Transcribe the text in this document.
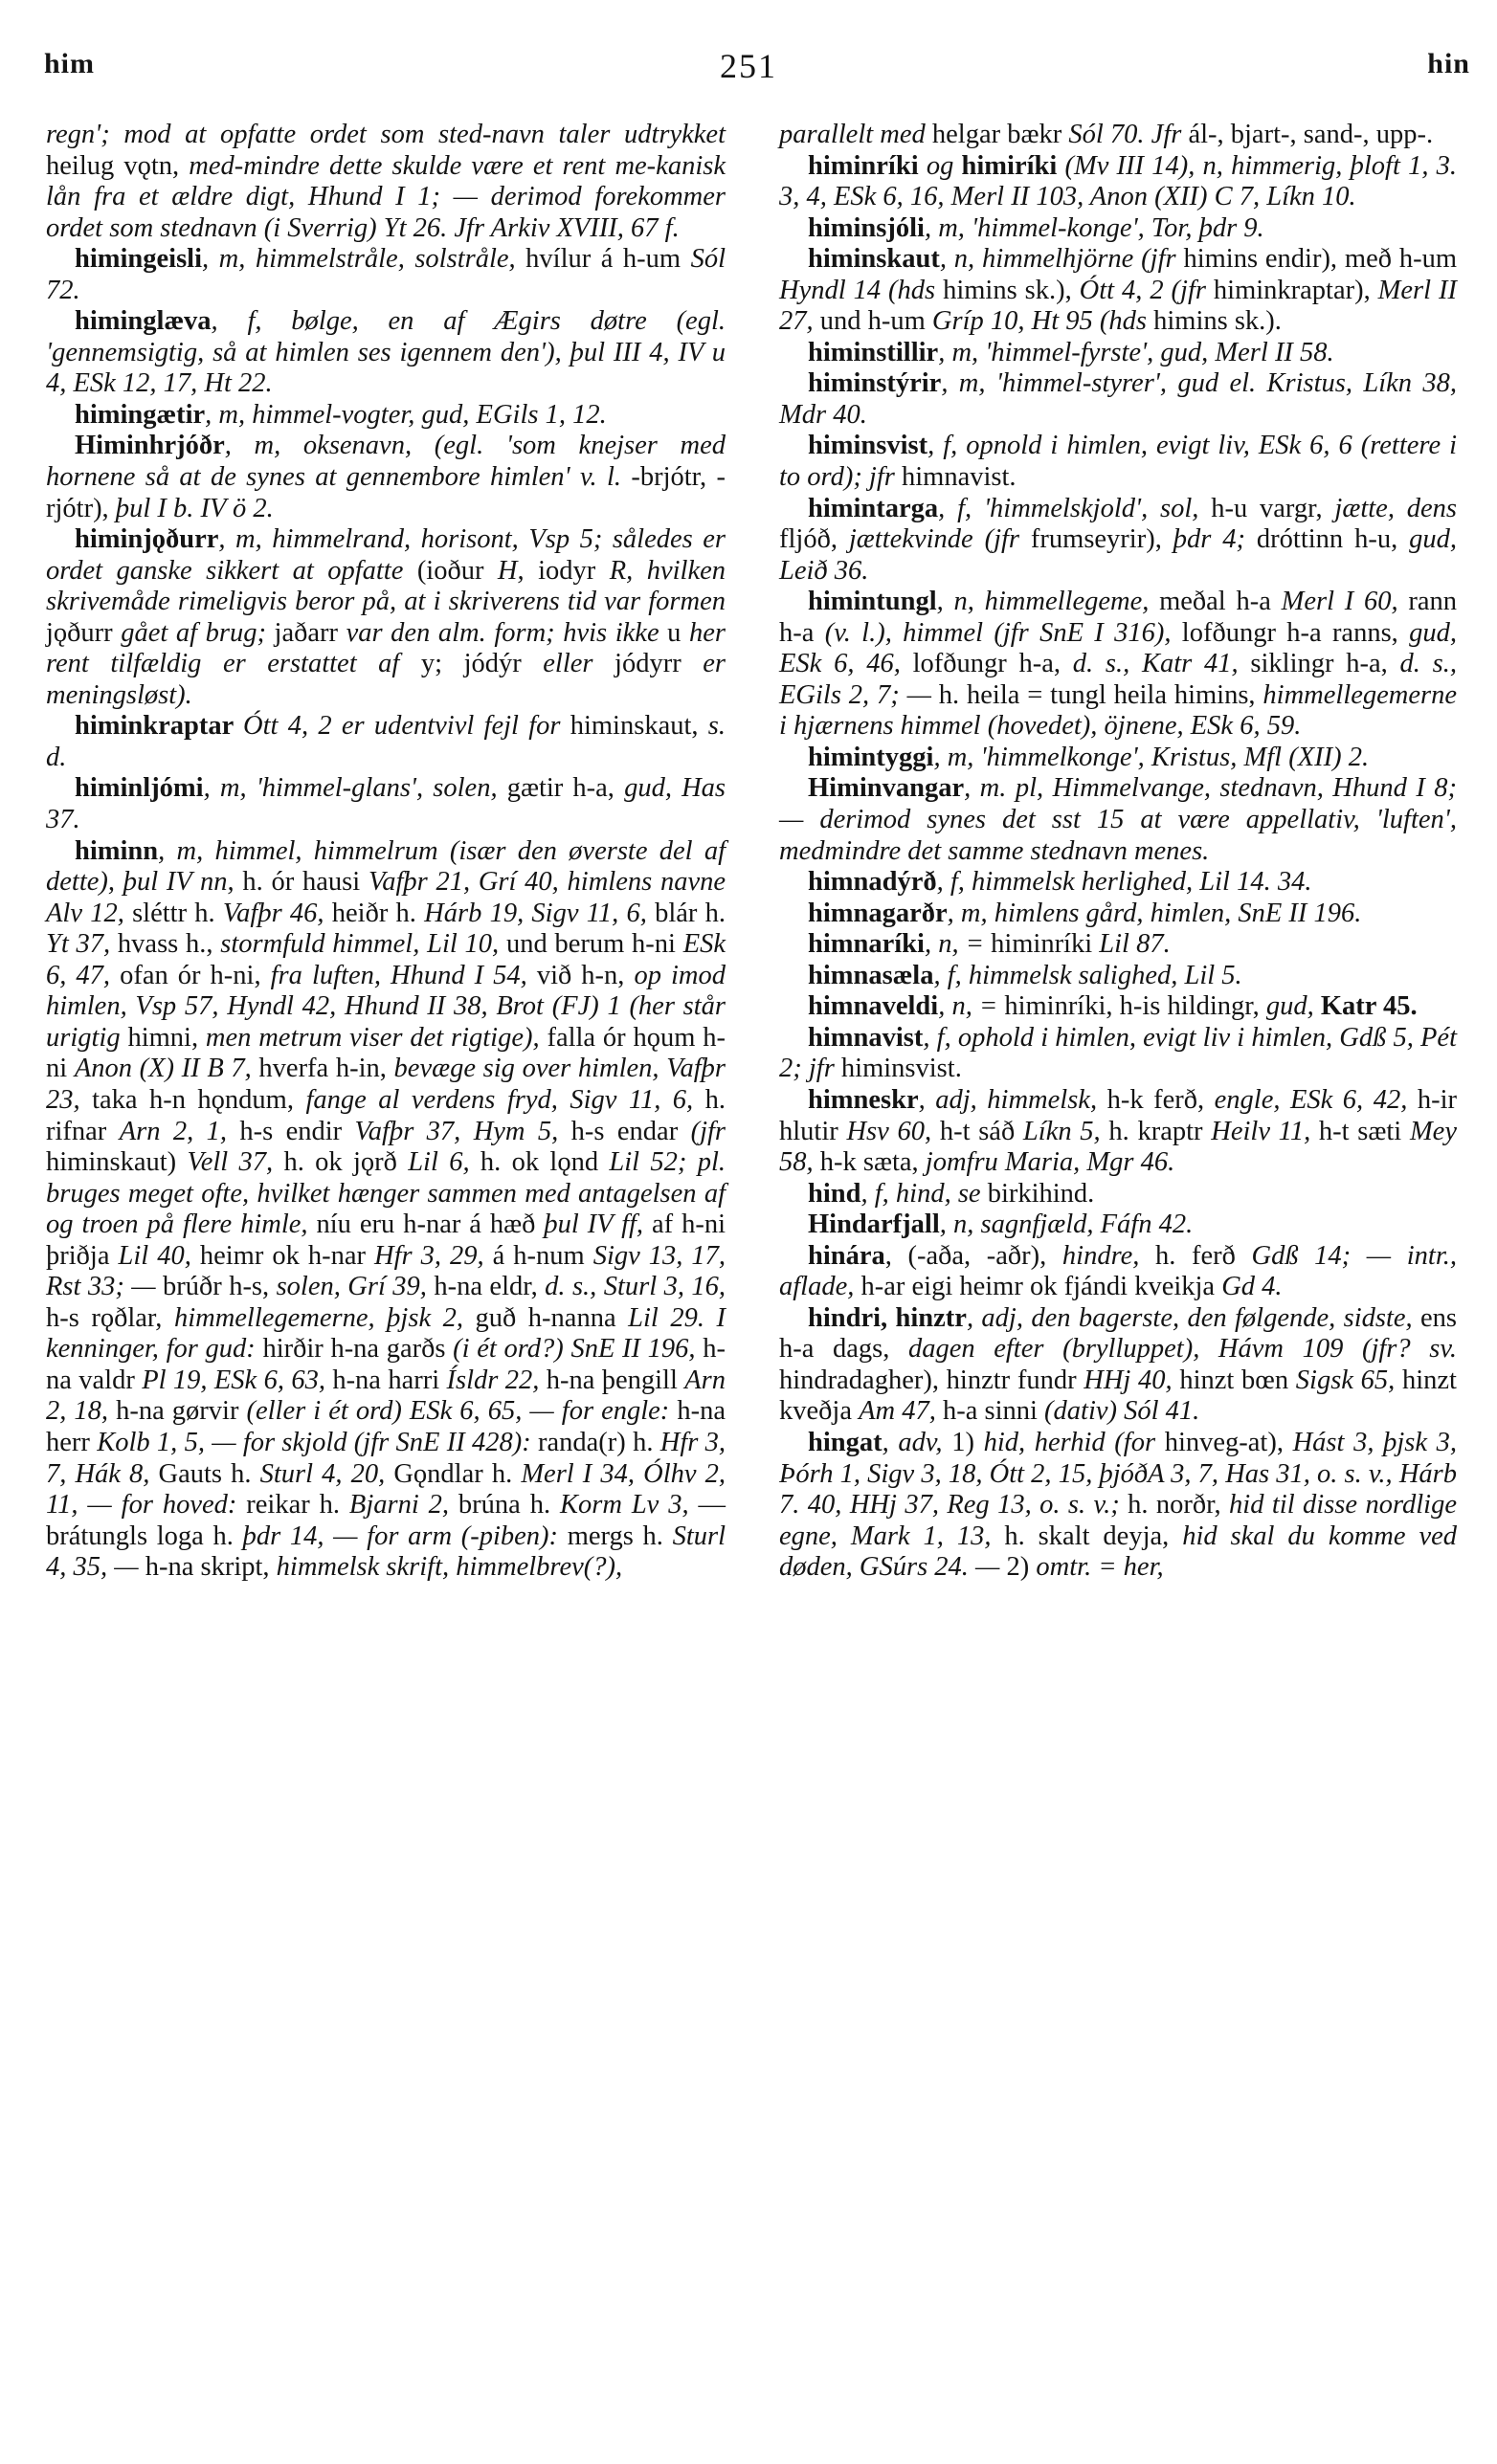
him	251	hin

regn'; mod at opfatte ordet som sted-navn taler udtrykket heilug vǫtn, med-mindre dette skulde være et rent me-kanisk lån fra et ældre digt, Hhund I 1; — derimod forekommer ordet som stednavn (i Sverrig) Yt 26. Jfr Arkiv XVIII, 67 f.

himingeisli, m, himmelstråle, solstråle, hvílur á h-um Sól 72.

himinglæva, f, bølge, en af Ægirs døtre (egl. 'gennemsigtig, så at himlen ses igennem den'), þul III 4, IV u 4, ESk 12, 17, Ht 22.

himingætir, m, himmel-vogter, gud, EGils 1, 12.

Himinhrjóðr, m, oksenavn, (egl. 'som knejser med hornene så at de synes at gennembore himlen' v. l. -brjótr, -rjótr), þul I b. IV ö 2.

himinjǫðurr, m, himmelrand, horisont, Vsp 5; således er ordet ganske sikkert at opfatte (ioður H, iodyr R, hvilken skrivemåde rimeligvis beror på, at i skriverens tid var formen jǫðurr gået af brug; jaðarr var den alm. form; hvis ikke u her rent tilfældig er erstattet af y; jódýr eller jódyrr er meningsløst).

himinkraptar Ótt 4, 2 er udentvivl fejl for himinskaut, s. d.

himinljómi, m, 'himmel-glans', solen, gætir h-a, gud, Has 37.

himinn, m, himmel, himmelrum (især den øverste del af dette), þul IV nn, h. ór hausi Vafþr 21, Grí 40, himlens navne Alv 12, sléttr h. Vafþr 46, heiðr h. Hárb 19, Sigv 11, 6, blár h. Yt 37, hvass h., stormfuld himmel, Lil 10, und berum h-ni ESk 6, 47, ofan ór h-ni, fra luften, Hhund I 54, við h-n, op imod himlen, Vsp 57, Hyndl 42, Hhund II 38, Brot (FJ) 1 (her står urigtig himni, men metrum viser det rigtige), falla ór hǫum h-ni Anon (X) II B 7, hverfa h-in, bevæge sig over himlen, Vafþr 23, taka h-n hǫndum, fange al verdens fryd, Sigv 11, 6, h. rifnar Arn 2, 1, h-s endir Vafþr 37, Hym 5, h-s endar (jfr himinskaut) Vell 37, h. ok jǫrð Lil 6, h. ok lǫnd Lil 52; pl. bruges meget ofte, hvilket hænger sammen med antagelsen af og troen på flere himle, níu eru h-nar á hæð þul IV ff, af h-ni þriðja Lil 40, heimr ok h-nar Hfr 3, 29, á h-num Sigv 13, 17, Rst 33; — brúðr h-s, solen, Grí 39, h-na eldr, d. s., Sturl 3, 16, h-s rǫðlar, himmellegemerne, þjsk 2, guð h-nanna Lil 29. I kenninger, for gud: hirðir h-na garðs (i ét ord?) SnE II 196, h-na valdr Pl 19, ESk 6, 63, h-na harri Ísldr 22, h-na þengill Arn 2, 18, h-na gørvir (eller i ét ord) ESk 6, 65, — for engle: h-na herr Kolb 1, 5, — for skjold (jfr SnE II 428): randa(r) h. Hfr 3, 7, Hák 8, Gauts h. Sturl 4, 20, Gǫndlar h. Merl I 34, Ólhv 2, 11, — for hoved: reikar h. Bjarni 2, brúna h. Korm Lv 3, — brátungls loga h. þdr 14, — for arm (-piben): mergs h. Sturl 4, 35, — h-na skript, himmelsk skrift, himmelbrev(?),

parallelt med helgar bækr Sól 70. Jfr ál-, bjart-, sand-, upp-.

himinríki og himiríki (Mv III 14), n, himmerig, þloft 1, 3. 3, 4, ESk 6, 16, Merl II 103, Anon (XII) C 7, Líkn 10.

himinsjóli, m, 'himmel-konge', Tor, þdr 9.

himinskaut, n, himmelhjörne (jfr himins endir), með h-um Hyndl 14 (hds himins sk.), Ótt 4, 2 (jfr himinkraptar), Merl II 27, und h-um Gríp 10, Ht 95 (hds himins sk.).

himinstillir, m, 'himmel-fyrste', gud, Merl II 58.

himinstýrir, m, 'himmel-styrer', gud el. Kristus, Líkn 38, Mdr 40.

himinsvist, f, opnold i himlen, evigt liv, ESk 6, 6 (rettere i to ord); jfr himnavist.

himintarga, f, 'himmelskjold', sol, h-u vargr, jætte, dens fljóð, jættekvinde (jfr frumseyrir), þdr 4; dróttinn h-u, gud, Leið 36.

himintungl, n, himmellegeme, meðal h-a Merl I 60, rann h-a (v. l.), himmel (jfr SnE I 316), lofðungr h-a ranns, gud, ESk 6, 46, lofðungr h-a, d. s., Katr 41, siklingr h-a, d. s., EGils 2, 7; — h. heila = tungl heila himins, himmellegemerne i hjærnens himmel (hovedet), öjnene, ESk 6, 59.

himintyggi, m, 'himmelkonge', Kristus, Mfl (XII) 2.

Himinvangar, m. pl, Himmelvange, stednavn, Hhund I 8; — derimod synes det sst 15 at være appellativ, 'luften', medmindre det samme stednavn menes.

himnadýrð, f, himmelsk herlighed, Lil 14. 34.

himnagarðr, m, himlens gård, himlen, SnE II 196.

himnaríki, n, = himinríki Lil 87.

himnasæla, f, himmelsk salighed, Lil 5.

himnaveldi, n, = himinríki, h-is hildingr, gud, Katr 45.

himnavist, f, ophold i himlen, evigt liv i himlen, Gdß 5, Pét 2; jfr himinsvist.

himneskr, adj, himmelsk, h-k ferð, engle, ESk 6, 42, h-ir hlutir Hsv 60, h-t sáð Líkn 5, h. kraptr Heilv 11, h-t sæti Mey 58, h-k sæta, jomfru Maria, Mgr 46.

hind, f, hind, se birkihind.

Hindarfjall, n, sagnfjæld, Fáfn 42.

hinára, (-aða, -aðr), hindre, h. ferð Gdß 14; — intr., aflade, h-ar eigi heimr ok fjándi kveikja Gd 4.

hindri, hinztr, adj, den bagerste, den følgende, sidste, ens h-a dags, dagen efter (brylluppet), Hávm 109 (jfr? sv. hindradagher), hinztr fundr HHj 40, hinzt bœn Sigsk 65, hinzt kveðja Am 47, h-a sinni (dativ) Sól 41.

hingat, adv, 1) hid, herhid (for hinveg-at), Hást 3, þjsk 3, Þórh 1, Sigv 3, 18, Ótt 2, 15, þjóðA 3, 7, Has 31, o. s. v., Hárb 7. 40, HHj 37, Reg 13, o. s. v.; h. norðr, hid til disse nordlige egne, Mark 1, 13, h. skalt deyja, hid skal du komme ved døden, GSúrs 24. — 2) omtr. = her,
